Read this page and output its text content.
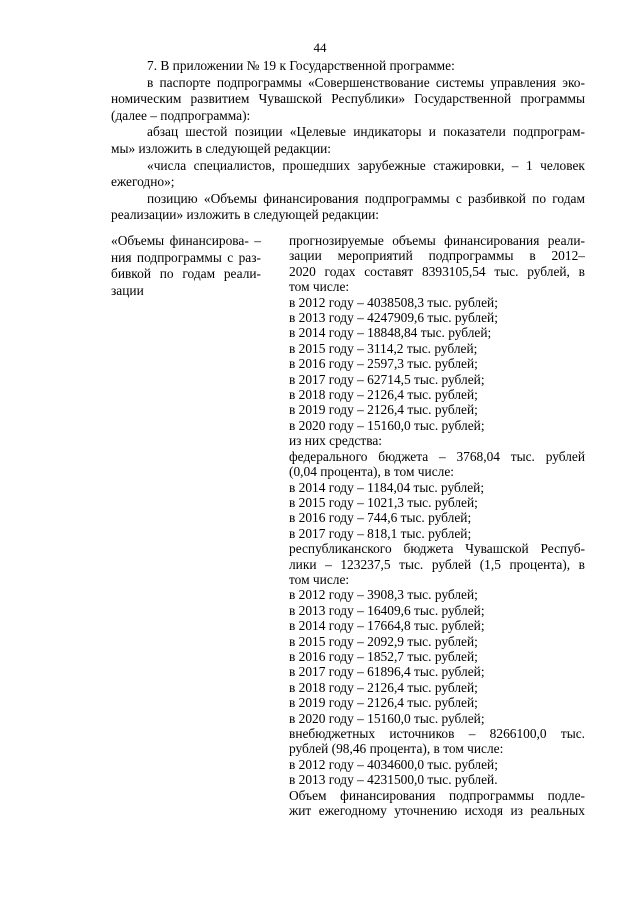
44
7. В приложении № 19 к Государственной программе:
в паспорте подпрограммы «Совершенствование системы управления эко-
номическим развитием Чувашской Республики» Государственной программы
(далее – подпрограмма):
абзац шестой позиции «Целевые индикаторы и показатели подпрограм-
мы» изложить в следующей редакции:
«числа специалистов, прошедших зарубежные стажировки, – 1 человек
ежегодно»;
позицию «Объемы финансирования подпрограммы с разбивкой по годам
реализации» изложить в следующей редакции:
«Объемы финансирова- –
ния подпрограммы с раз-
бивкой по годам реали-
зации
прогнозируемые объемы финансирования реали-
зации мероприятий подпрограммы в 2012–
2020 годах составят 8393105,54 тыс. рублей, в
том числе:
в 2012 году – 4038508,3 тыс. рублей;
в 2013 году – 4247909,6 тыс. рублей;
в 2014 году – 18848,84 тыс. рублей;
в 2015 году – 3114,2 тыс. рублей;
в 2016 году – 2597,3 тыс. рублей;
в 2017 году – 62714,5 тыс. рублей;
в 2018 году – 2126,4 тыс. рублей;
в 2019 году – 2126,4 тыс. рублей;
в 2020 году – 15160,0 тыс. рублей;
из них средства:
федерального бюджета – 3768,04 тыс. рублей
(0,04 процента), в том числе:
в 2014 году – 1184,04 тыс. рублей;
в 2015 году – 1021,3 тыс. рублей;
в 2016 году – 744,6 тыс. рублей;
в 2017 году – 818,1 тыс. рублей;
республиканского бюджета Чувашской Респуб-
лики – 123237,5 тыс. рублей (1,5 процента), в
том числе:
в 2012 году – 3908,3 тыс. рублей;
в 2013 году – 16409,6 тыс. рублей;
в 2014 году – 17664,8 тыс. рублей;
в 2015 году – 2092,9 тыс. рублей;
в 2016 году – 1852,7 тыс. рублей;
в 2017 году – 61896,4 тыс. рублей;
в 2018 году – 2126,4 тыс. рублей;
в 2019 году – 2126,4 тыс. рублей;
в 2020 году – 15160,0 тыс. рублей;
внебюджетных источников – 8266100,0 тыс.
рублей (98,46 процента), в том числе:
в 2012 году – 4034600,0 тыс. рублей;
в 2013 году – 4231500,0 тыс. рублей.
Объем финансирования подпрограммы подле-
жит ежегодному уточнению исходя из реальных
